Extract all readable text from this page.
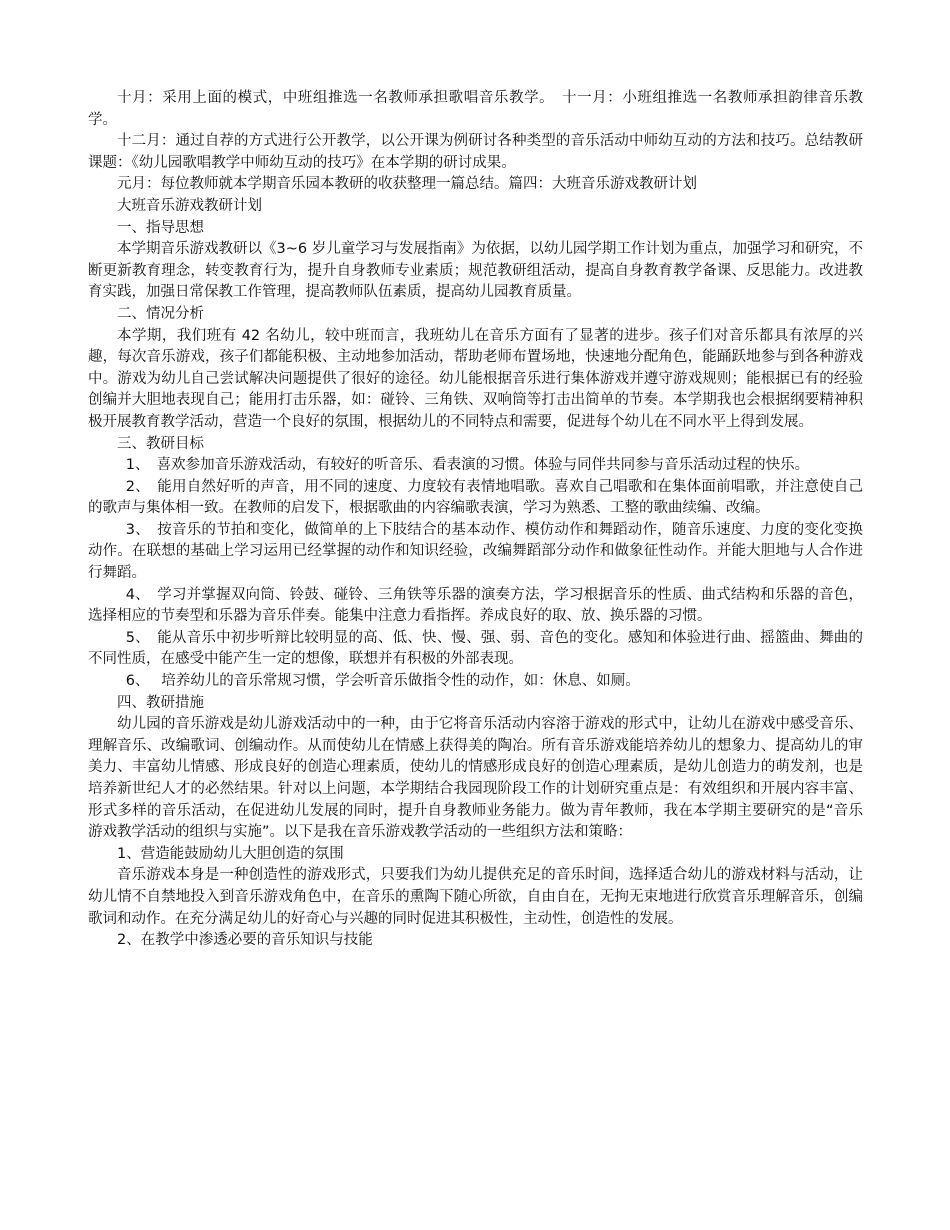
十月：采用上面的模式，中班组推选一名教师承担歌唱音乐教学。　十一月：小班组推选一名教师承担韵律音乐教学。

十二月：通过自荐的方式进行公开教学，以公开课为例研讨各种类型的音乐活动中师幼互动的方法和技巧。总结教研课题：《幼儿园歌唱教学中师幼互动的技巧》在本学期的研讨成果。

元月：每位教师就本学期音乐园本教研的收获整理一篇总结。篇四：大班音乐游戏教研计划

大班音乐游戏教研计划

一、指导思想

本学期音乐游戏教研以《3~6 岁儿童学习与发展指南》为依据，以幼儿园学期工作计划为重点，加强学习和研究，不断更新教育理念，转变教育行为，提升自身教师专业素质；规范教研组活动，提高自身教育教学备课、反思能力。改进教育实践，加强日常保教工作管理，提高教师队伍素质，提高幼儿园教育质量。

二、情况分析

本学期，我们班有 42 名幼儿，较中班而言，我班幼儿在音乐方面有了显著的进步。孩子们对音乐都具有浓厚的兴趣，每次音乐游戏，孩子们都能积极、主动地参加活动，帮助老师布置场地，快速地分配角色，能踊跃地参与到各种游戏中。游戏为幼儿自己尝试解决问题提供了很好的途径。幼儿能根据音乐进行集体游戏并遵守游戏规则；能根据已有的经验创编并大胆地表现自己；能用打击乐器，如：碰铃、三角铁、双响筒等打击出简单的节奏。本学期我也会根据纲要精神积极开展教育教学活动，营造一个良好的氛围，根据幼儿的不同特点和需要，促进每个幼儿在不同水平上得到发展。

三、教研目标

1、　喜欢参加音乐游戏活动，有较好的听音乐、看表演的习惯。体验与同伴共同参与音乐活动过程的快乐。

2、　能用自然好听的声音，用不同的速度、力度较有表情地唱歌。喜欢自己唱歌和在集体面前唱歌，并注意使自己的歌声与集体相一致。在教师的启发下，根据歌曲的内容编歌表演，学习为熟悉、工整的歌曲续编、改编。

3、　按音乐的节拍和变化，做简单的上下肢结合的基本动作、模仿动作和舞蹈动作，随音乐速度、力度的变化变换动作。在联想的基础上学习运用已经掌握的动作和知识经验，改编舞蹈部分动作和做象征性动作。并能大胆地与人合作进行舞蹈。

4、　学习并掌握双向筒、铃鼓、碰铃、三角铁等乐器的演奏方法，学习根据音乐的性质、曲式结构和乐器的音色，选择相应的节奏型和乐器为音乐伴奏。能集中注意力看指挥。养成良好的取、放、换乐器的习惯。

5、　能从音乐中初步听辩比较明显的高、低、快、慢、强、弱、音色的变化。感知和体验进行曲、摇篮曲、舞曲的不同性质，在感受中能产生一定的想像，联想并有积极的外部表现。

6、　 培养幼儿的音乐常规习惯，学会听音乐做指令性的动作，如：休息、如厕。

四、教研措施

幼儿园的音乐游戏是幼儿游戏活动中的一种，由于它将音乐活动内容溶于游戏的形式中，让幼儿在游戏中感受音乐、理解音乐、改编歌词、创编动作。从而使幼儿在情感上获得美的陶冶。所有音乐游戏能培养幼儿的想象力、提高幼儿的审美力、丰富幼儿情感、形成良好的创造心理素质，使幼儿的情感形成良好的创造心理素质，是幼儿创造力的萌发剂，也是培养新世纪人才的必然结果。针对以上问题，本学期结合我园现阶段工作的计划研究重点是：有效组织和开展内容丰富、形式多样的音乐活动，在促进幼儿发展的同时，提升自身教师业务能力。做为青年教师，我在本学期主要研究的是“音乐游戏教学活动的组织与实施”。以下是我在音乐游戏教学活动的一些组织方法和策略：

1、营造能鼓励幼儿大胆创造的氛围

音乐游戏本身是一种创造性的游戏形式，只要我们为幼儿提供充足的音乐时间，选择适合幼儿的游戏材料与活动，让幼儿情不自禁地投入到音乐游戏角色中，在音乐的熏陶下随心所欲，自由自在，无拘无束地进行欣赏音乐理解音乐，创编歌词和动作。在充分满足幼儿的好奇心与兴趣的同时促进其积极性，主动性，创造性的发展。

2、在教学中渗透必要的音乐知识与技能
